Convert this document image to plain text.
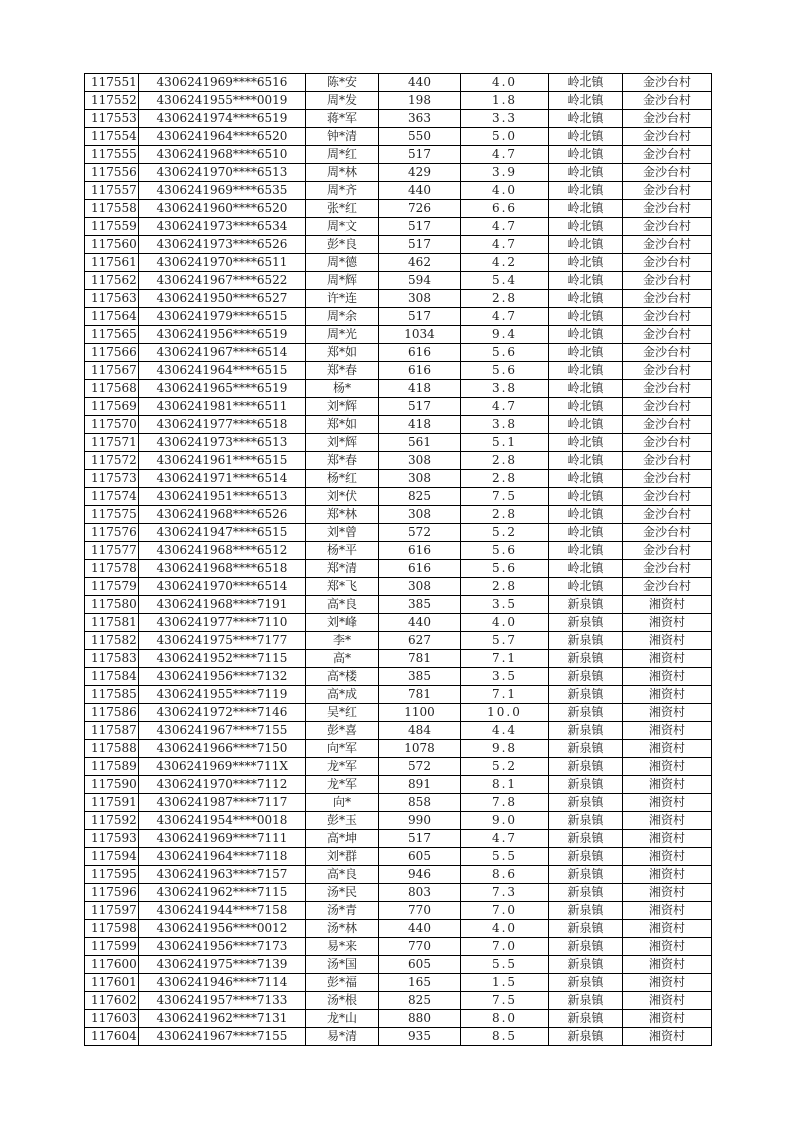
117551	4306241969****6516	陈*安	440	4.0	岭北镇	金沙台村
117552	4306241955****0019	周*发	198	1.8	岭北镇	金沙台村
117553	4306241974****6519	蒋*军	363	3.3	岭北镇	金沙台村
117554	4306241964****6520	钟*清	550	5.0	岭北镇	金沙台村
117555	4306241968****6510	周*红	517	4.7	岭北镇	金沙台村
117556	4306241970****6513	周*林	429	3.9	岭北镇	金沙台村
117557	4306241969****6535	周*齐	440	4.0	岭北镇	金沙台村
117558	4306241960****6520	张*红	726	6.6	岭北镇	金沙台村
117559	4306241973****6534	周*文	517	4.7	岭北镇	金沙台村
117560	4306241973****6526	彭*良	517	4.7	岭北镇	金沙台村
117561	4306241970****6511	周*德	462	4.2	岭北镇	金沙台村
117562	4306241967****6522	周*辉	594	5.4	岭北镇	金沙台村
117563	4306241950****6527	许*连	308	2.8	岭北镇	金沙台村
117564	4306241979****6515	周*余	517	4.7	岭北镇	金沙台村
117565	4306241956****6519	周*光	1034	9.4	岭北镇	金沙台村
117566	4306241967****6514	郑*如	616	5.6	岭北镇	金沙台村
117567	4306241964****6515	郑*春	616	5.6	岭北镇	金沙台村
117568	4306241965****6519	杨*	418	3.8	岭北镇	金沙台村
117569	4306241981****6511	刘*辉	517	4.7	岭北镇	金沙台村
117570	4306241977****6518	郑*如	418	3.8	岭北镇	金沙台村
117571	4306241973****6513	刘*辉	561	5.1	岭北镇	金沙台村
117572	4306241961****6515	郑*春	308	2.8	岭北镇	金沙台村
117573	4306241971****6514	杨*红	308	2.8	岭北镇	金沙台村
117574	4306241951****6513	刘*伏	825	7.5	岭北镇	金沙台村
117575	4306241968****6526	郑*林	308	2.8	岭北镇	金沙台村
117576	4306241947****6515	刘*曾	572	5.2	岭北镇	金沙台村
117577	4306241968****6512	杨*平	616	5.6	岭北镇	金沙台村
117578	4306241968****6518	郑*清	616	5.6	岭北镇	金沙台村
117579	4306241970****6514	郑*飞	308	2.8	岭北镇	金沙台村
117580	4306241968****7191	高*良	385	3.5	新泉镇	湘资村
117581	4306241977****7110	刘*峰	440	4.0	新泉镇	湘资村
117582	4306241975****7177	李*	627	5.7	新泉镇	湘资村
117583	4306241952****7115	高*	781	7.1	新泉镇	湘资村
117584	4306241956****7132	高*楼	385	3.5	新泉镇	湘资村
117585	4306241955****7119	高*成	781	7.1	新泉镇	湘资村
117586	4306241972****7146	吴*红	1100	10.0	新泉镇	湘资村
117587	4306241967****7155	彭*喜	484	4.4	新泉镇	湘资村
117588	4306241966****7150	向*军	1078	9.8	新泉镇	湘资村
117589	4306241969****711X	龙*军	572	5.2	新泉镇	湘资村
117590	4306241970****7112	龙*军	891	8.1	新泉镇	湘资村
117591	4306241987****7117	向*	858	7.8	新泉镇	湘资村
117592	4306241954****0018	彭*玉	990	9.0	新泉镇	湘资村
117593	4306241969****7111	高*坤	517	4.7	新泉镇	湘资村
117594	4306241964****7118	刘*群	605	5.5	新泉镇	湘资村
117595	4306241963****7157	高*良	946	8.6	新泉镇	湘资村
117596	4306241962****7115	汤*民	803	7.3	新泉镇	湘资村
117597	4306241944****7158	汤*青	770	7.0	新泉镇	湘资村
117598	4306241956****0012	汤*林	440	4.0	新泉镇	湘资村
117599	4306241956****7173	易*来	770	7.0	新泉镇	湘资村
117600	4306241975****7139	汤*国	605	5.5	新泉镇	湘资村
117601	4306241946****7114	彭*福	165	1.5	新泉镇	湘资村
117602	4306241957****7133	汤*根	825	7.5	新泉镇	湘资村
117603	4306241962****7131	龙*山	880	8.0	新泉镇	湘资村
117604	4306241967****7155	易*清	935	8.5	新泉镇	湘资村
